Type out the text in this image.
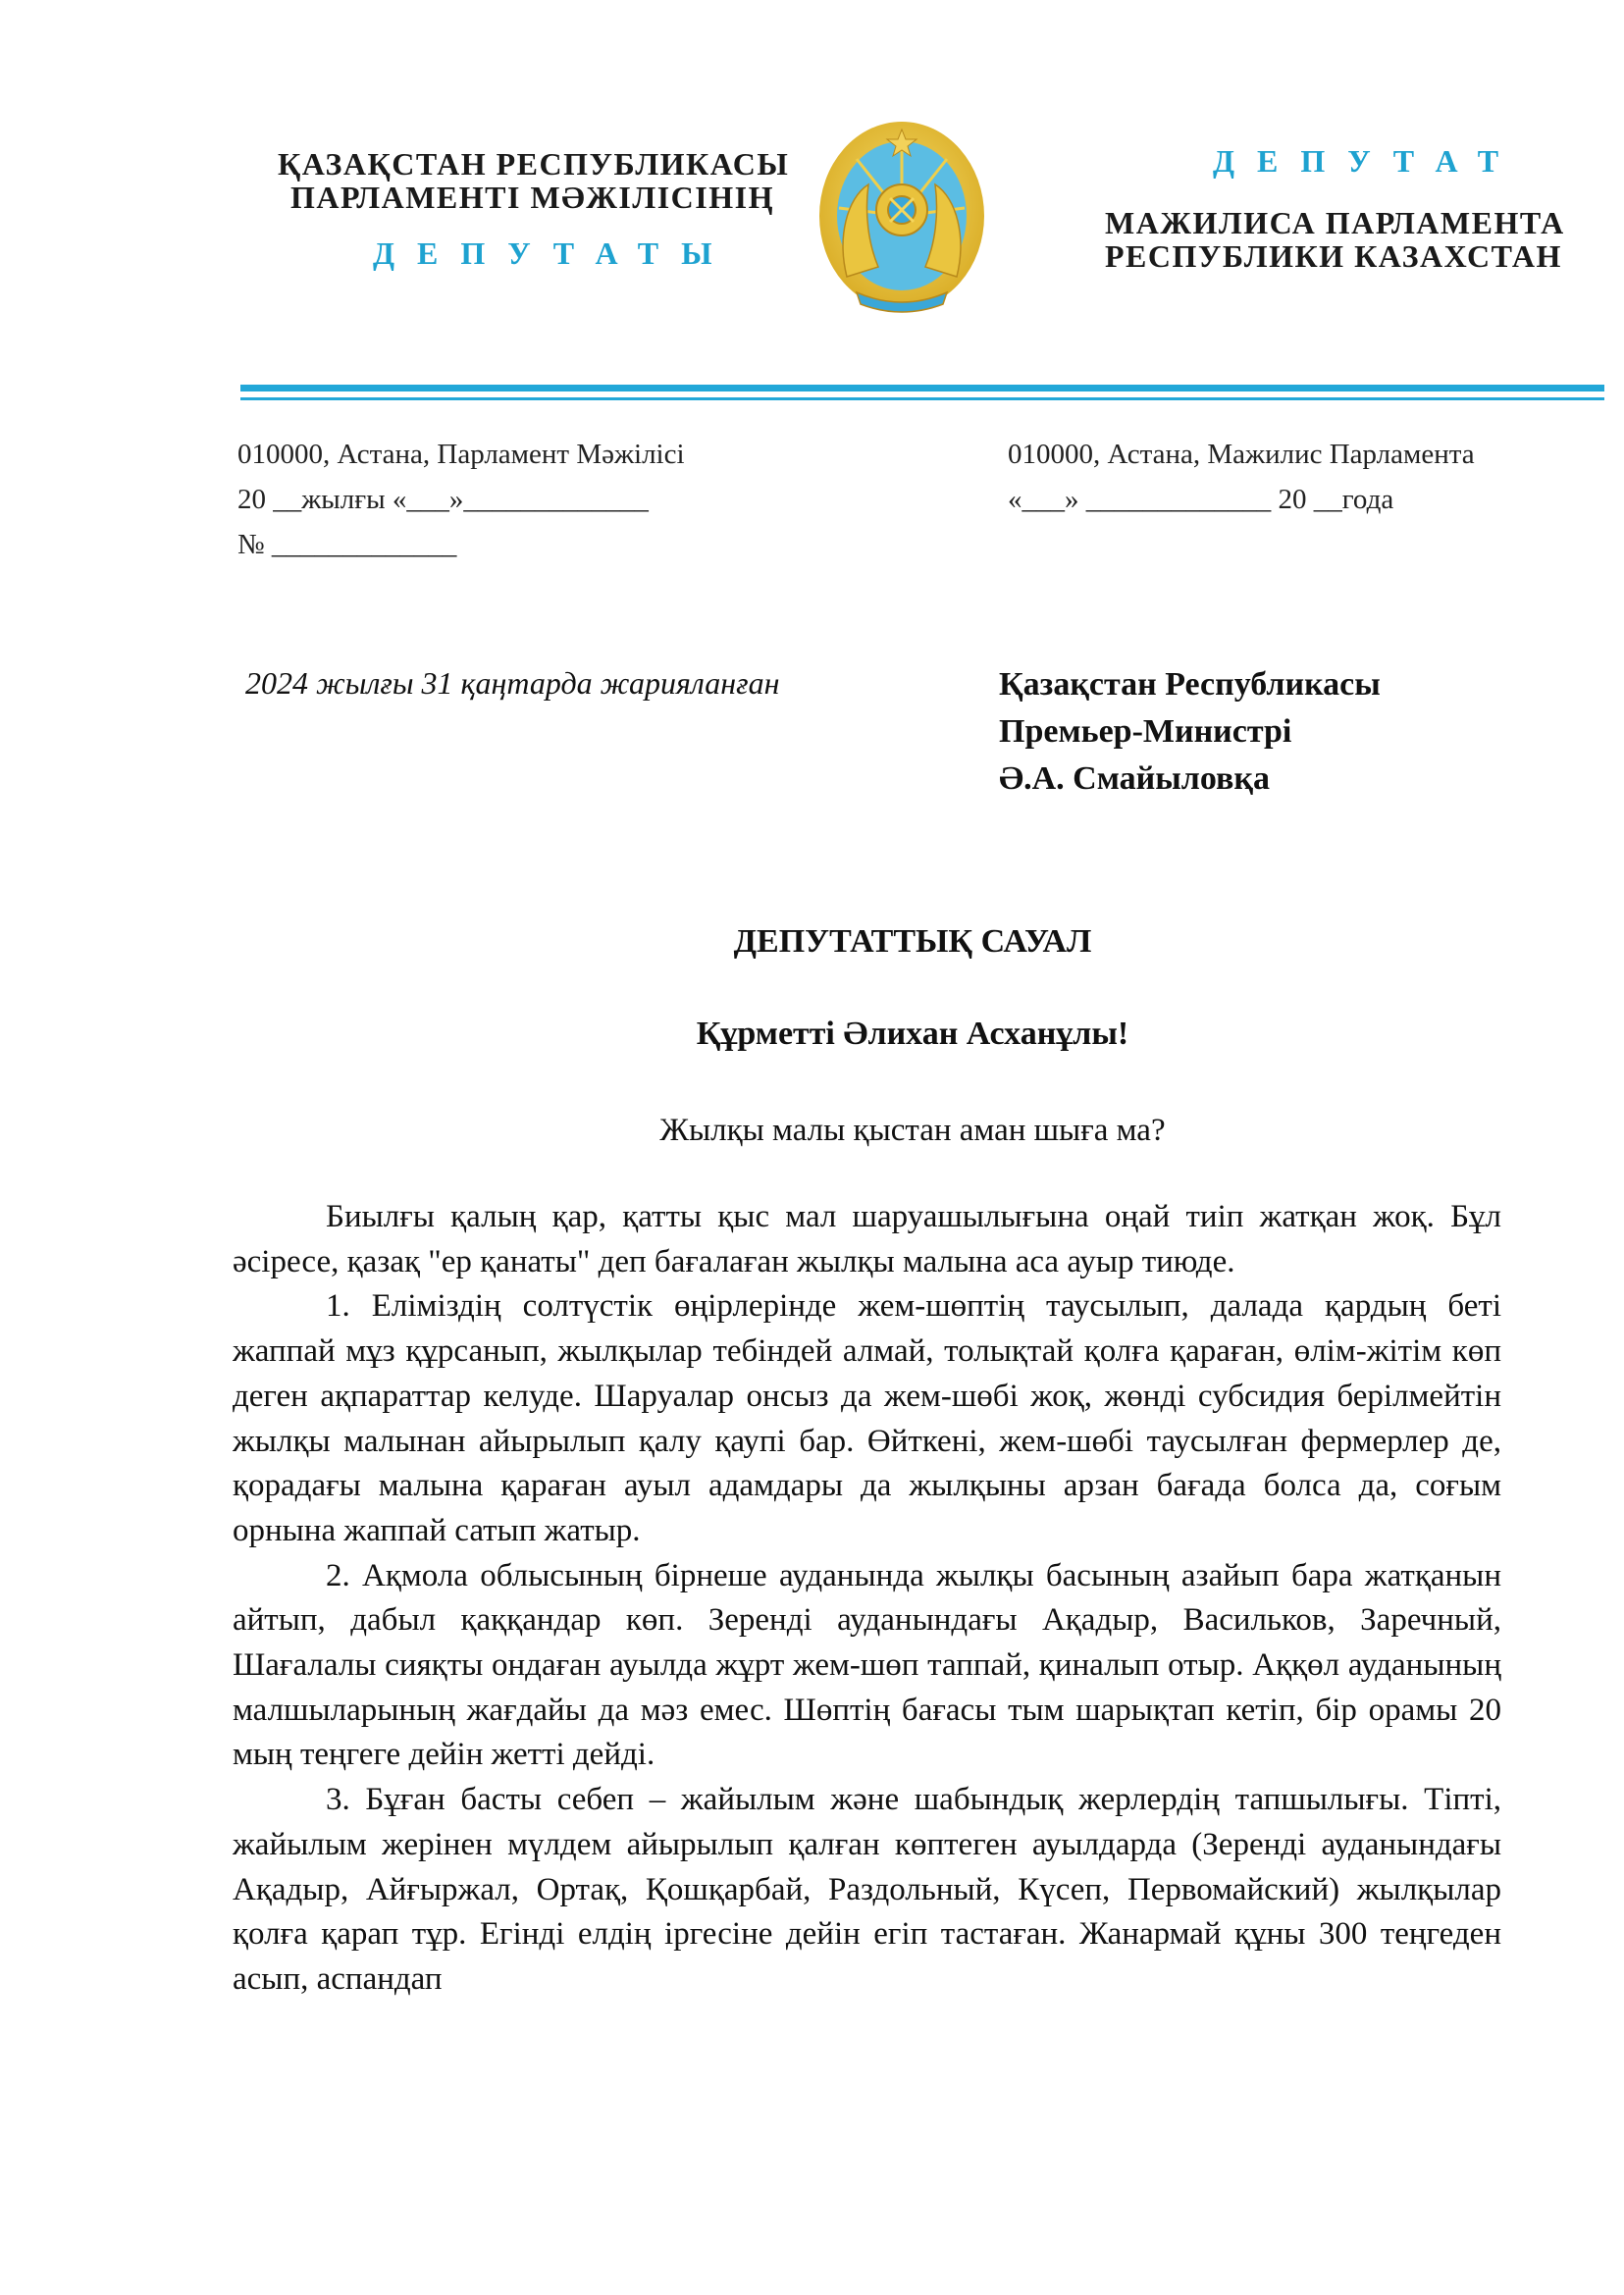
ҚАЗАҚСТАН РЕСПУБЛИКАСЫ
ПАРЛАМЕНТІ МӘЖІЛІСІНІҢ
ДЕПУТАТЫ
ДЕПУТАТ
МАЖИЛИСА ПАРЛАМЕНТА
РЕСПУБЛИКИ КАЗАХСТАН
010000, Астана, Парламент Мәжілісі
20 __жылғы «___»_____________
№ _____________
010000, Астана, Мажилис Парламента
«___» _____________ 20 __года
2024 жылғы 31 қаңтарда жарияланған	Қазақстан Республикасы
Премьер-Министрі
Ә.А. Смайыловқа
ДЕПУТАТТЫҚ САУАЛ
Құрметті Әлихан Асханұлы!
Жылқы малы қыстан аман шыға ма?

Биылғы қалың қар, қатты қыс мал шаруашылығына оңай тиіп жатқан жоқ. Бұл әсіресе, қазақ "ер қанаты" деп бағалаған жылқы малына аса ауыр тиюде.

1. Еліміздің солтүстік өңірлерінде жем-шөптің таусылып, далада қардың беті жаппай мұз құрсанып, жылқылар тебіндей алмай, толықтай қолға қараған, өлім-жітім көп деген ақпараттар келуде. Шаруалар онсыз да жем-шөбі жоқ, жөнді субсидия берілмейтін жылқы малынан айырылып қалу қаупі бар. Өйткені, жем-шөбі таусылған фермерлер де, қорадағы малына қараған ауыл адамдары да жылқыны арзан бағада болса да, соғым орнына жаппай сатып жатыр.

2. Ақмола облысының бірнеше ауданында жылқы басының азайып бара жатқанын айтып, дабыл қаққандар көп. Зеренді ауданындағы Ақадыр, Васильков, Заречный, Шағалалы сияқты ондаған ауылда жұрт жем-шөп таппай, қиналып отыр. Аққөл ауданының малшыларының жағдайы да мәз емес. Шөптің бағасы тым шарықтап кетіп, бір орамы 20 мың теңгеге дейін жетті дейді.

3. Бұған басты себеп – жайылым және шабындық жерлердің тапшылығы. Тіпті, жайылым жерінен мүлдем айырылып қалған көптеген ауылдарда (Зеренді ауданындағы Ақадыр, Айғыржал, Ортақ, Қошқарбай, Раздольный, Күсеп, Первомайский) жылқылар қолға қарап тұр. Егінді елдің іргесіне дейін егіп тастаған. Жанармай құны 300 теңгеден асып, аспандап
